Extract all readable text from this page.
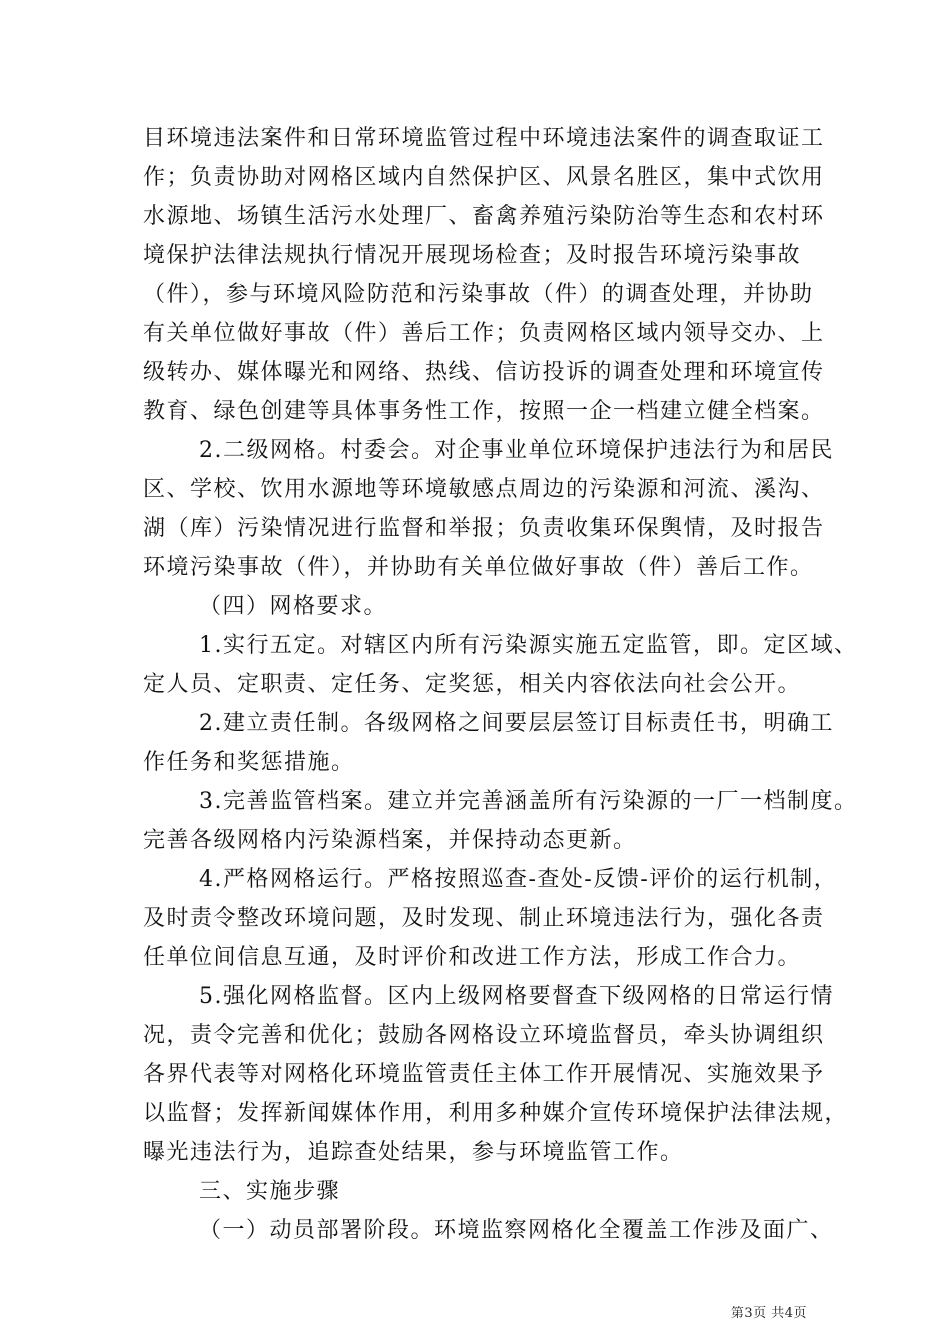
目环境违法案件和日常环境监管过程中环境违法案件的调查取证工
作；负责协助对网格区域内自然保护区、风景名胜区，集中式饮用
水源地、场镇生活污水处理厂、畜禽养殖污染防治等生态和农村环
境保护法律法规执行情况开展现场检查；及时报告环境污染事故
（件），参与环境风险防范和污染事故（件）的调查处理，并协助
有关单位做好事故（件）善后工作；负责网格区域内领导交办、上
级转办、媒体曝光和网络、热线、信访投诉的调查处理和环境宣传
教育、绿色创建等具体事务性工作，按照一企一档建立健全档案。
2.二级网格。村委会。对企事业单位环境保护违法行为和居民
区、学校、饮用水源地等环境敏感点周边的污染源和河流、溪沟、
湖（库）污染情况进行监督和举报；负责收集环保舆情，及时报告
环境污染事故（件），并协助有关单位做好事故（件）善后工作。
（四）网格要求。
1.实行五定。对辖区内所有污染源实施五定监管，即。定区域、
定人员、定职责、定任务、定奖惩，相关内容依法向社会公开。
2.建立责任制。各级网格之间要层层签订目标责任书，明确工
作任务和奖惩措施。
3.完善监管档案。建立并完善涵盖所有污染源的一厂一档制度。
完善各级网格内污染源档案，并保持动态更新。
4.严格网格运行。严格按照巡查-查处-反馈-评价的运行机制，
及时责令整改环境问题，及时发现、制止环境违法行为，强化各责
任单位间信息互通，及时评价和改进工作方法，形成工作合力。
5.强化网格监督。区内上级网格要督查下级网格的日常运行情
况，责令完善和优化；鼓励各网格设立环境监督员，牵头协调组织
各界代表等对网格化环境监管责任主体工作开展情况、实施效果予
以监督；发挥新闻媒体作用，利用多种媒介宣传环境保护法律法规，
曝光违法行为，追踪查处结果，参与环境监管工作。
三、实施步骤
（一）动员部署阶段。环境监察网格化全覆盖工作涉及面广、
第3页 共4页
